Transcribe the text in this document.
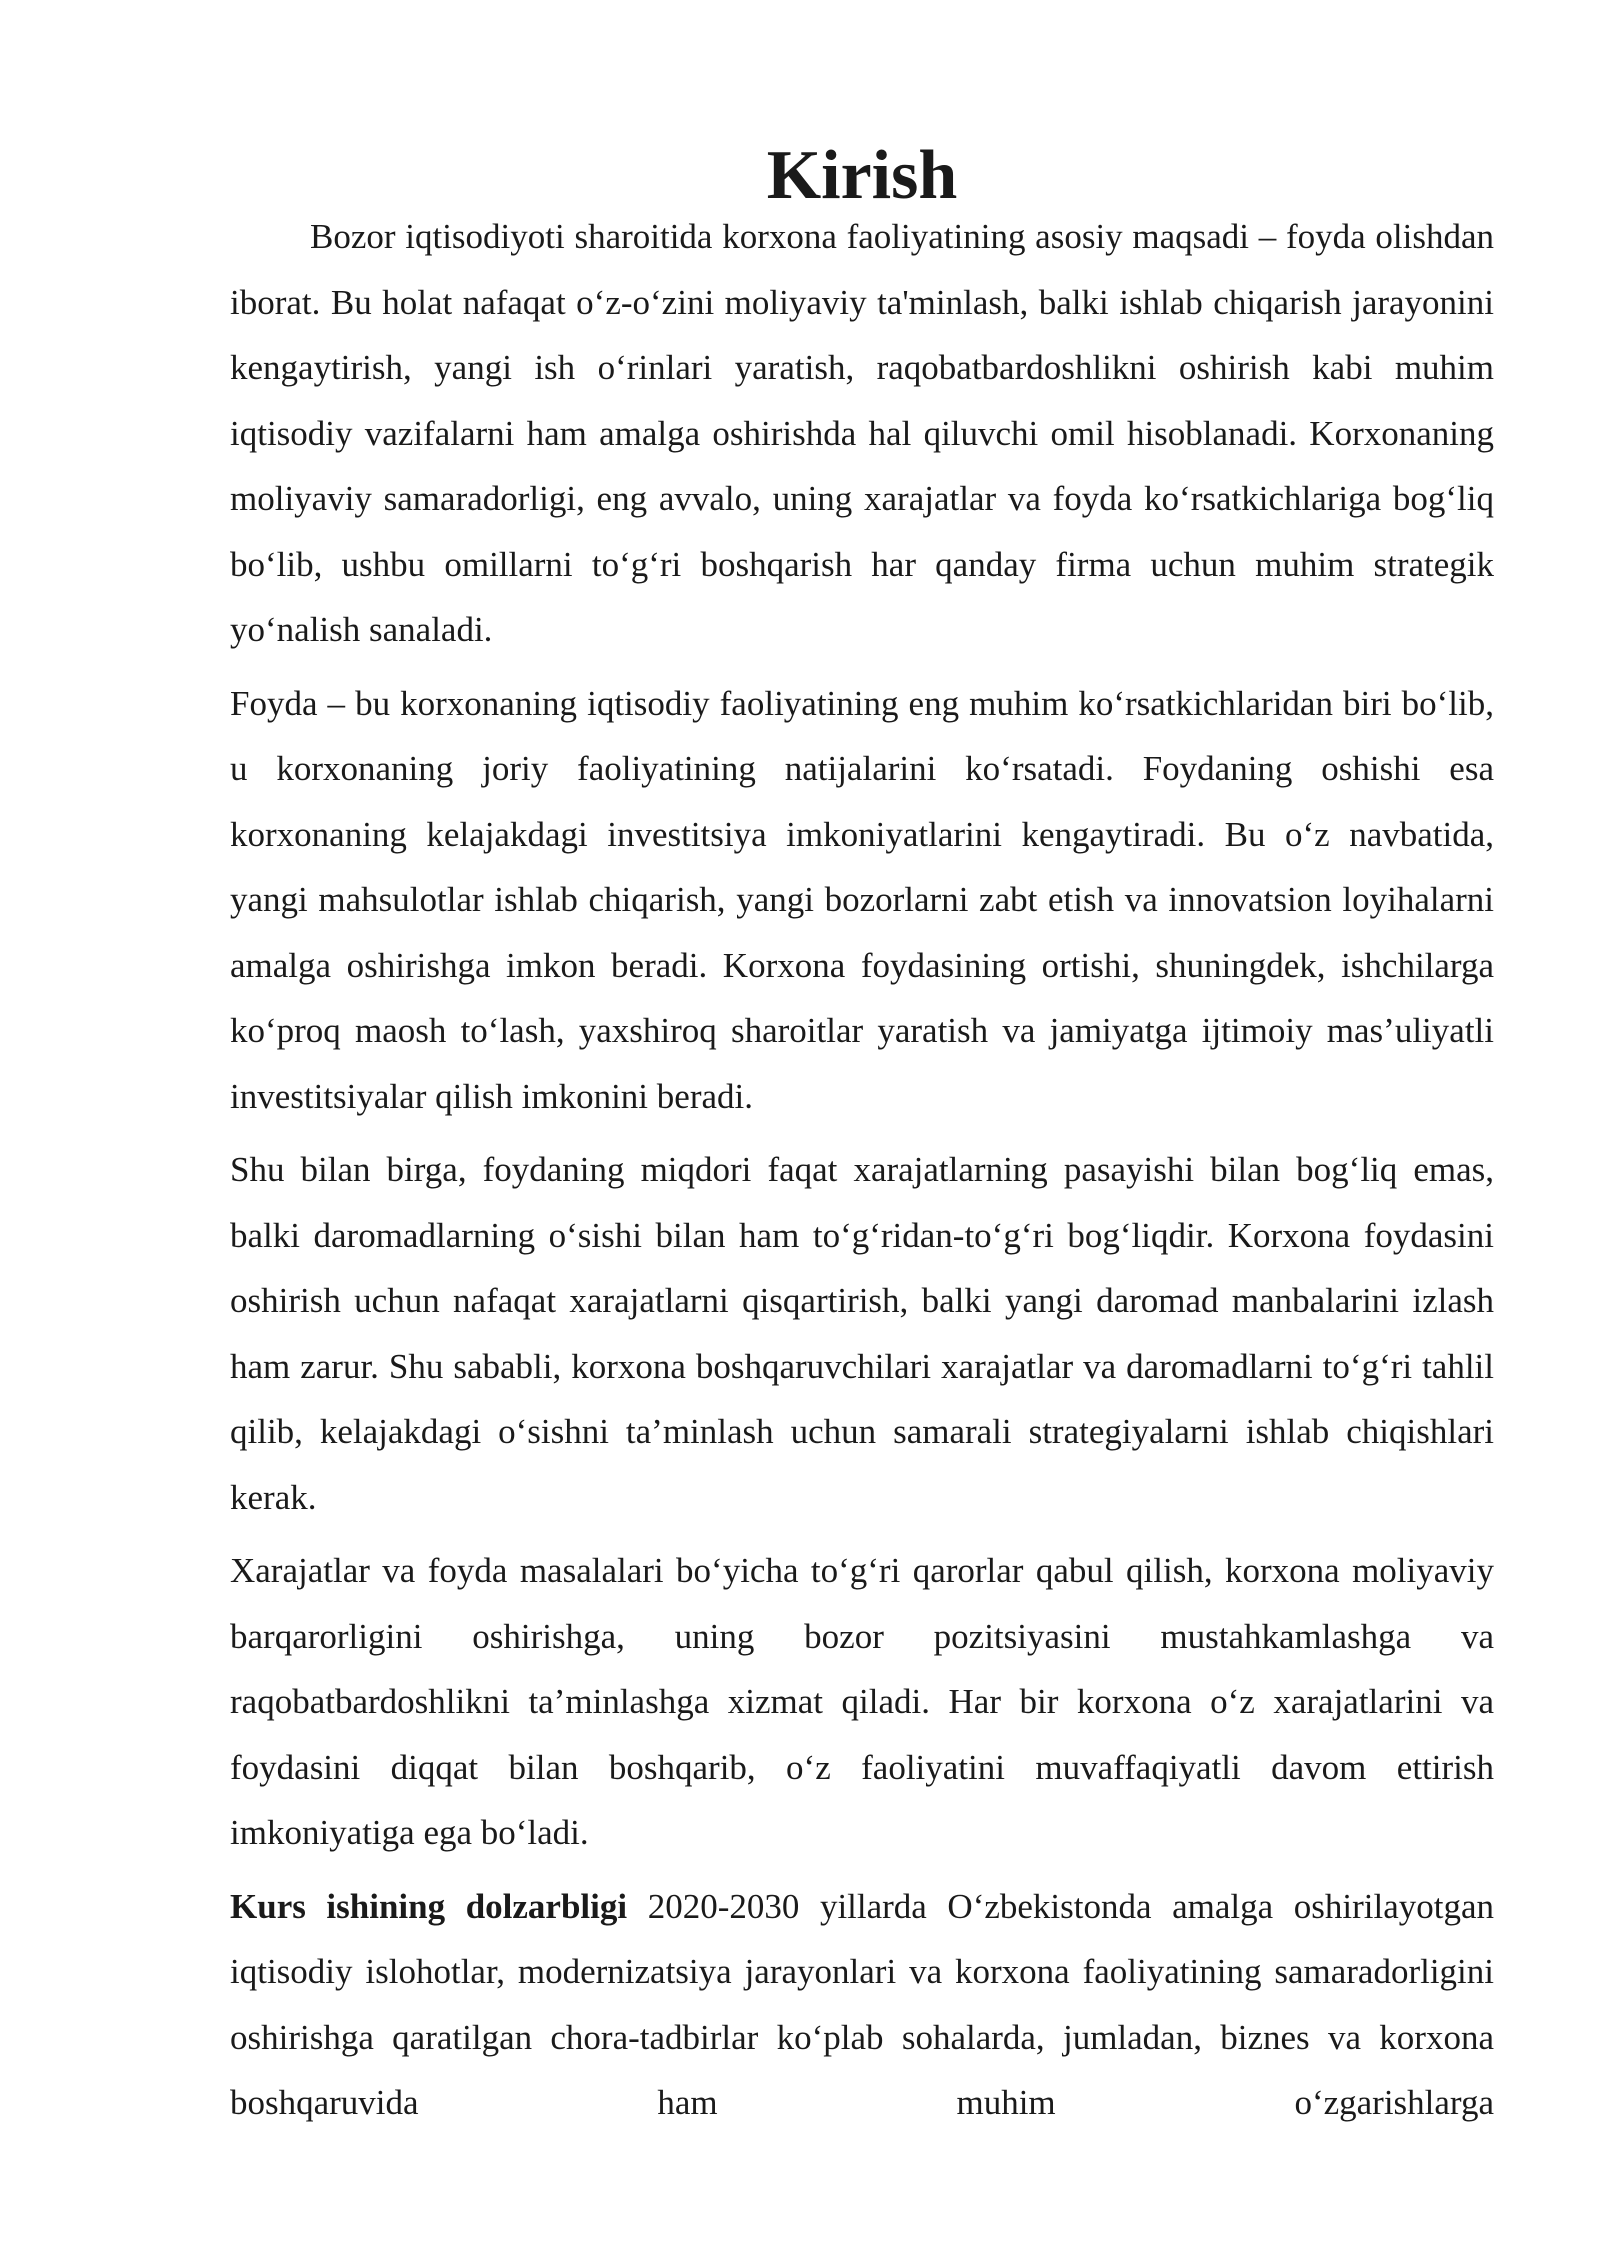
Kirish

Bozor iqtisodiyoti sharoitida korxona faoliyatining asosiy maqsadi – foyda olishdan iborat. Bu holat nafaqat o‘z-o‘zini moliyaviy ta'minlash, balki ishlab chiqarish jarayonini kengaytirish, yangi ish o‘rinlari yaratish, raqobatbardoshlikni oshirish kabi muhim iqtisodiy vazifalarni ham amalga oshirishda hal qiluvchi omil hisoblanadi. Korxonaning moliyaviy samaradorligi, eng avvalo, uning xarajatlar va foyda ko‘rsatkichlariga bog‘liq bo‘lib, ushbu omillarni to‘g‘ri boshqarish har qanday firma uchun muhim strategik yo‘nalish sanaladi.

Foyda – bu korxonaning iqtisodiy faoliyatining eng muhim ko‘rsatkichlaridan biri bo‘lib, u korxonaning joriy faoliyatining natijalarini ko‘rsatadi. Foydaning oshishi esa korxonaning kelajakdagi investitsiya imkoniyatlarini kengaytiradi. Bu o‘z navbatida, yangi mahsulotlar ishlab chiqarish, yangi bozorlarni zabt etish va innovatsion loyihalarni amalga oshirishga imkon beradi. Korxona foydasining ortishi, shuningdek, ishchilarga ko‘proq maosh to‘lash, yaxshiroq sharoitlar yaratish va jamiyatga ijtimoiy mas’uliyatli investitsiyalar qilish imkonini beradi.

Shu bilan birga, foydaning miqdori faqat xarajatlarning pasayishi bilan bog‘liq emas, balki daromadlarning o‘sishi bilan ham to‘g‘ridan-to‘g‘ri bog‘liqdir. Korxona foydasini oshirish uchun nafaqat xarajatlarni qisqartirish, balki yangi daromad manbalarini izlash ham zarur. Shu sababli, korxona boshqaruvchilari xarajatlar va daromadlarni to‘g‘ri tahlil qilib, kelajakdagi o‘sishni ta’minlash uchun samarali strategiyalarni ishlab chiqishlari kerak.

Xarajatlar va foyda masalalari bo‘yicha to‘g‘ri qarorlar qabul qilish, korxona moliyaviy barqarorligini oshirishga, uning bozor pozitsiyasini mustahkamlashga va raqobatbardoshlikni ta’minlashga xizmat qiladi. Har bir korxona o‘z xarajatlarini va foydasini diqqat bilan boshqarib, o‘z faoliyatini muvaffaqiyatli davom ettirish imkoniyatiga ega bo‘ladi.

Kurs ishining dolzarbligi 2020-2030 yillarda O‘zbekistonda amalga oshirilayotgan iqtisodiy islohotlar, modernizatsiya jarayonlari va korxona faoliyatining samaradorligini oshirishga qaratilgan chora-tadbirlar ko‘plab sohalarda, jumladan, biznes va korxona boshqaruvida ham muhim o‘zgarishlarga
